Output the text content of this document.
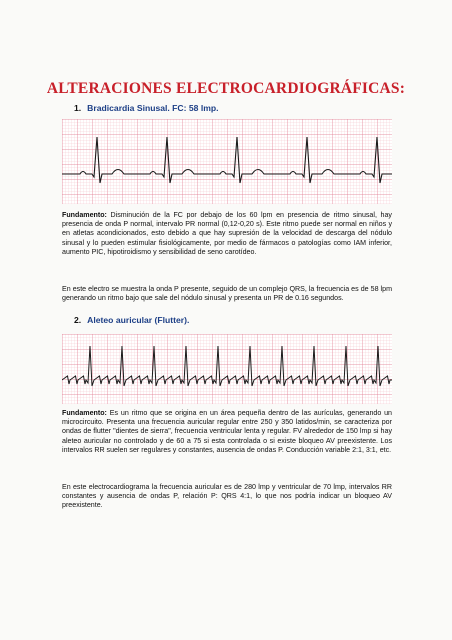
ALTERACIONES ELECTROCARDIOGRÁFICAS:
1. Bradicardia Sinusal. FC: 58 lmp.
Fundamento: Disminución de la FC por debajo de los 60 lpm en presencia de ritmo sinusal, hay presencia de onda P normal, intervalo PR normal (0,12-0,20 s). Este ritmo puede ser normal en niños y en atletas acondicionados, esto debido a que hay supresión de la velocidad de descarga del nódulo sinusal y lo pueden estimular fisiológicamente, por medio de fármacos o patologías como IAM inferior, aumento PIC, hipotiroidismo y sensibilidad de seno carotídeo.
En este electro se muestra la onda P presente, seguido de un complejo QRS, la frecuencia es de 58 lpm generando un ritmo bajo que sale del nódulo sinusal y presenta un PR de 0.16 segundos.
2. Aleteo auricular (Flutter).
Fundamento: Es un ritmo que se origina en un área pequeña dentro de las aurículas, generando un microcircuito. Presenta una frecuencia auricular regular entre 250 y 350 latidos/min, se caracteriza por ondas de flutter "dientes de sierra", frecuencia ventricular lenta y regular. FV alrededor de 150 lmp si hay aleteo auricular no controlado y de 60 a 75 si esta controlada o si existe bloqueo AV preexistente. Los intervalos RR suelen ser regulares y constantes, ausencia de ondas P. Conducción variable 2:1, 3:1, etc.
En este electrocardiograma la frecuencia auricular es de 280 lmp y ventricular de 70 lmp, intervalos RR constantes y ausencia de ondas P, relación P: QRS 4:1, lo que nos podría indicar un bloqueo AV preexistente.
